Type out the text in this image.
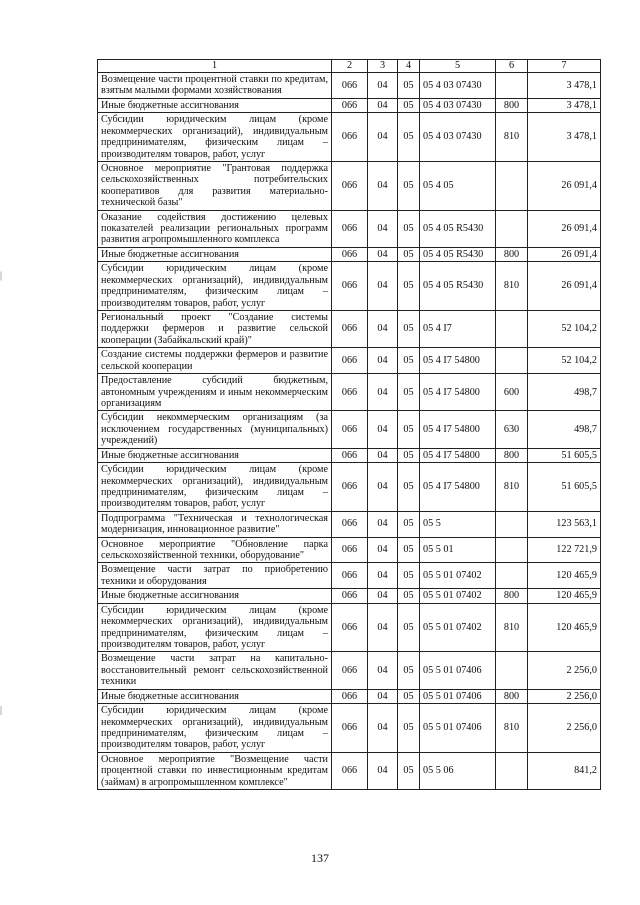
1	2	3	4	5	6	7
Возмещение части процентной ставки по кредитам, взятым малыми формами хозяйствования	066	04	05	05 4 03 07430		3 478,1
Иные бюджетные ассигнования	066	04	05	05 4 03 07430	800	3 478,1
Субсидии юридическим лицам (кроме некоммерческих организаций), индивидуальным предпринимателям, физическим лицам – производителям товаров, работ, услуг	066	04	05	05 4 03 07430	810	3 478,1
Основное мероприятие "Грантовая поддержка сельскохозяйственных потребительских кооперативов для развития материально-технической базы"	066	04	05	05 4 05		26 091,4
Оказание содействия достижению целевых показателей реализации региональных программ развития агропромышленного комплекса	066	04	05	05 4 05 R5430		26 091,4
Иные бюджетные ассигнования	066	04	05	05 4 05 R5430	800	26 091,4
Субсидии юридическим лицам (кроме некоммерческих организаций), индивидуальным предпринимателям, физическим лицам – производителям товаров, работ, услуг	066	04	05	05 4 05 R5430	810	26 091,4
Региональный проект "Создание системы поддержки фермеров и развитие сельской кооперации (Забайкальский край)"	066	04	05	05 4 I7		52 104,2
Создание системы поддержки фермеров и развитие сельской кооперации	066	04	05	05 4 I7 54800		52 104,2
Предоставление субсидий бюджетным, автономным учреждениям и иным некоммерческим организациям	066	04	05	05 4 I7 54800	600	498,7
Субсидии некоммерческим организациям (за исключением государственных (муниципальных) учреждений)	066	04	05	05 4 I7 54800	630	498,7
Иные бюджетные ассигнования	066	04	05	05 4 I7 54800	800	51 605,5
Субсидии юридическим лицам (кроме некоммерческих организаций), индивидуальным предпринимателям, физическим лицам – производителям товаров, работ, услуг	066	04	05	05 4 I7 54800	810	51 605,5
Подпрограмма "Техническая и технологическая модернизация, инновационное развитие"	066	04	05	05 5		123 563,1
Основное мероприятие "Обновление парка сельскохозяйственной техники, оборудование"	066	04	05	05 5 01		122 721,9
Возмещение части затрат по приобретению техники и оборудования	066	04	05	05 5 01 07402		120 465,9
Иные бюджетные ассигнования	066	04	05	05 5 01 07402	800	120 465,9
Субсидии юридическим лицам (кроме некоммерческих организаций), индивидуальным предпринимателям, физическим лицам – производителям товаров, работ, услуг	066	04	05	05 5 01 07402	810	120 465,9
Возмещение части затрат на капитально-восстановительный ремонт сельскохозяйственной техники	066	04	05	05 5 01 07406		2 256,0
Иные бюджетные ассигнования	066	04	05	05 5 01 07406	800	2 256,0
Субсидии юридическим лицам (кроме некоммерческих организаций), индивидуальным предпринимателям, физическим лицам – производителям товаров, работ, услуг	066	04	05	05 5 01 07406	810	2 256,0
Основное мероприятие "Возмещение части процентной ставки по инвестиционным кредитам (займам) в агропромышленном комплексе"	066	04	05	05 5 06		841,2
137
